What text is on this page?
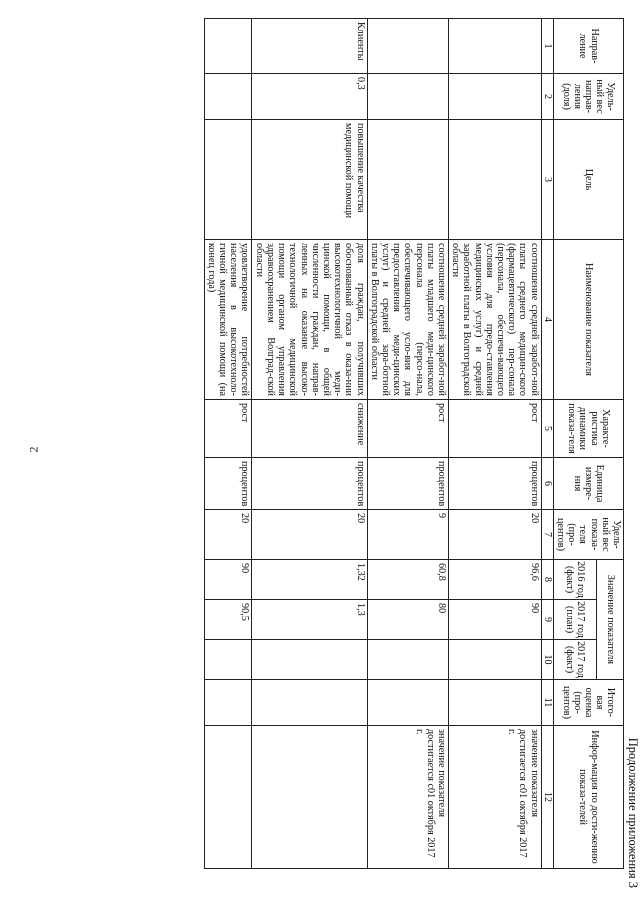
2
Продолжение приложения 3
Направ-ление	Удель-ный вес направ-ления (доля)	Цель	Наименование показателя	Характе-ристика динамики показа-теля	Единица измере-ния	Удель-ный вес показа-теля (про-центов)	Значение показателя			Итого-вая оценка (про-центов)	Инфор-мация по дости-жению показа-телей
							2016 год (факт)	2017 год (план)	2017 год (факт)		
1	2	3	4	5	6	7	8	9	10	11	12
			соотношение средней заработ-ной платы среднего медицин-ского (фармацевтического) пер-сонала (персонала, обеспечи-вающего условия для предо-ставления медицинских услуг) и средней заработной платы в Волгоградской области	рост	процентов	20	96,6	90			значение показателя достигается с01 октября 2017 г.
			соотношение средней заработ-ной платы младшего меди-цинского персонала (персо-нала, обеспечивающего усло-вия для предоставления меди-цинских услуг) и средней зара-ботной платы в Волгоградской области	рост	процентов	9	60,8	80			значение показателя достигается с01 октября 2017 г.
Клиенты	0,3	повышение качества медицинской помощи	доля граждан, получивших обоснованный отказ в оказа-нии высокотехнологичной меди-цинской помощи, в общей численности граждан, направ-ленных на оказание высоко-технологичной медицинской помощи органом управления здравоохранением Волград-ской области	снижение	процентов	20	1,32	1,3			
			удовлетворение потребностей населения в высокотехноло-гичной медицинской помощи (на конец года)	рост	процентов	20	90	90,5			
